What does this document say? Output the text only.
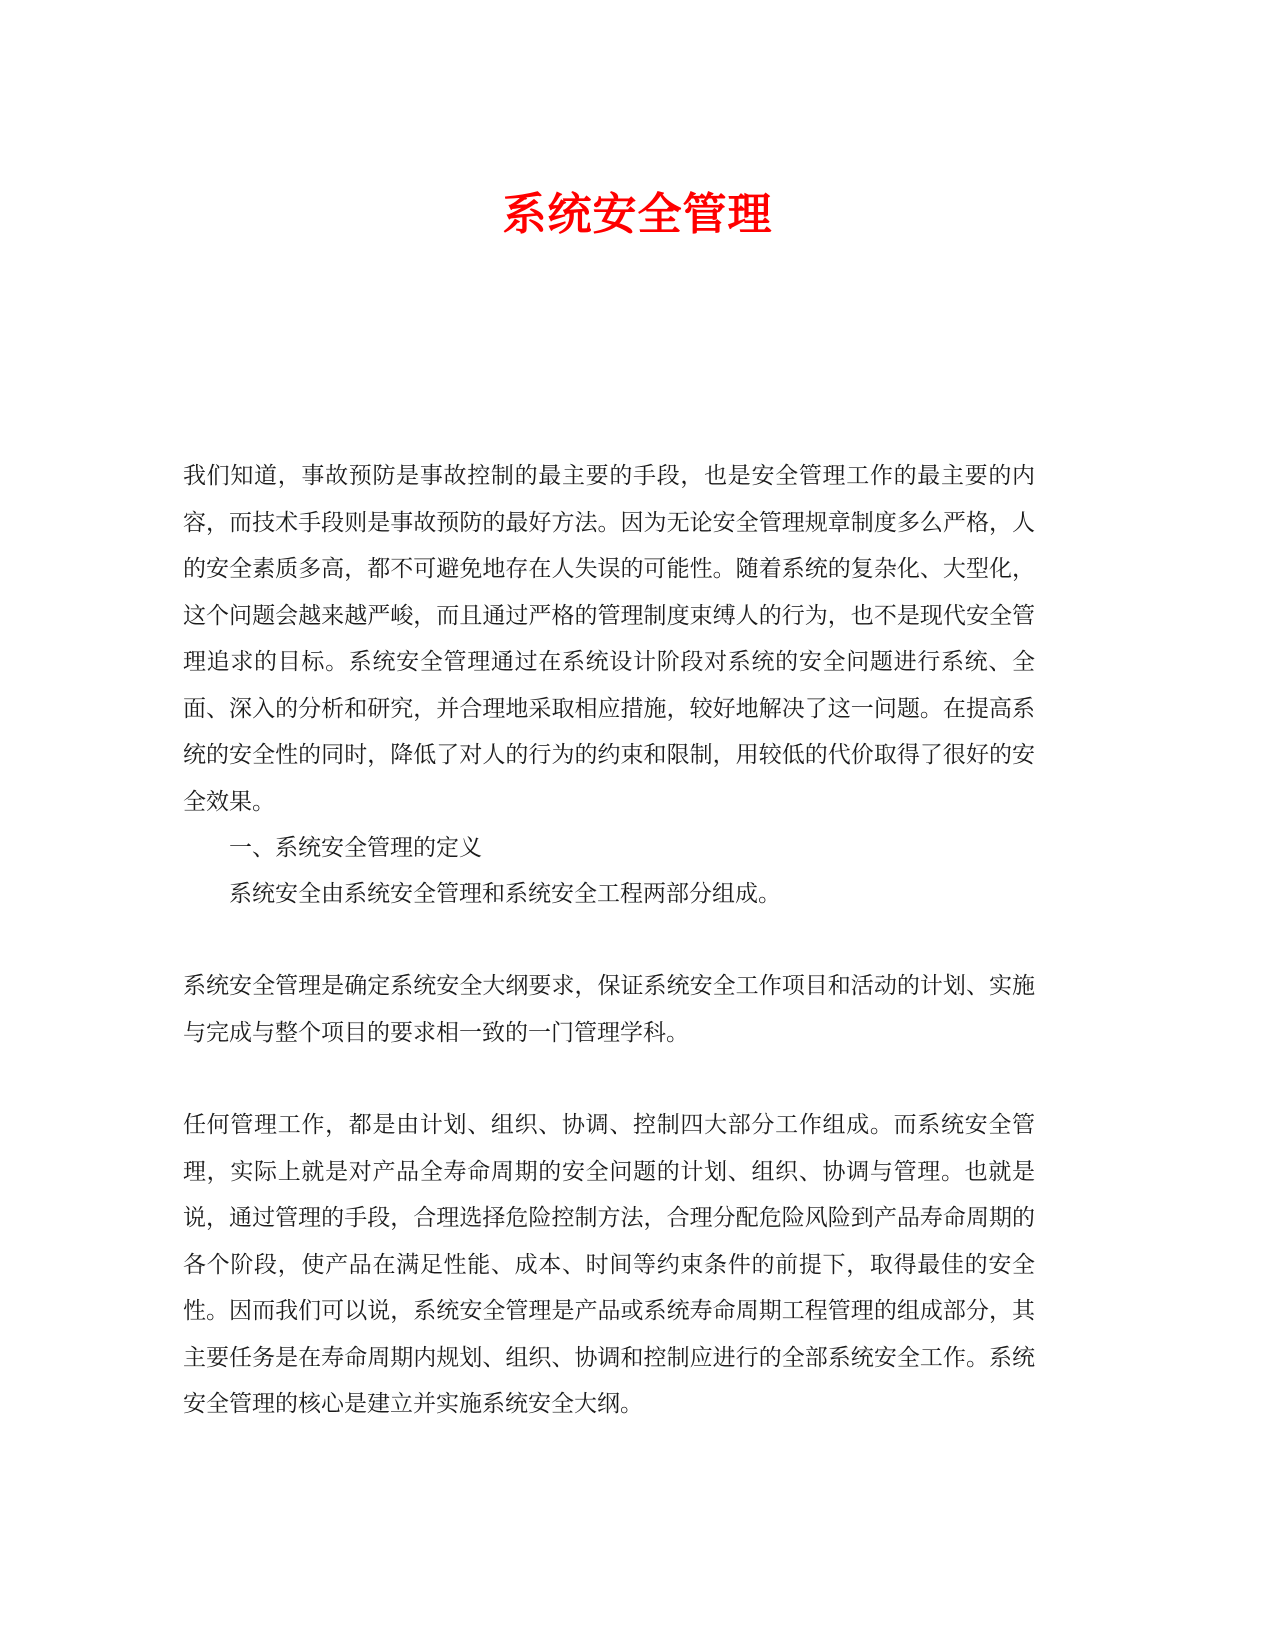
系统安全管理

我们知道，事故预防是事故控制的最主要的手段，也是安全管理工作的最主要的内容，而技术手段则是事故预防的最好方法。因为无论安全管理规章制度多么严格，人的安全素质多高，都不可避免地存在人失误的可能性。随着系统的复杂化、大型化，这个问题会越来越严峻，而且通过严格的管理制度束缚人的行为，也不是现代安全管理追求的目标。系统安全管理通过在系统设计阶段对系统的安全问题进行系统、全面、深入的分析和研究，并合理地采取相应措施，较好地解决了这一问题。在提高系统的安全性的同时，降低了对人的行为的约束和限制，用较低的代价取得了很好的安全效果。

一、系统安全管理的定义

系统安全由系统安全管理和系统安全工程两部分组成。

系统安全管理是确定系统安全大纲要求，保证系统安全工作项目和活动的计划、实施与完成与整个项目的要求相一致的一门管理学科。

任何管理工作，都是由计划、组织、协调、控制四大部分工作组成。而系统安全管理，实际上就是对产品全寿命周期的安全问题的计划、组织、协调与管理。也就是说，通过管理的手段，合理选择危险控制方法，合理分配危险风险到产品寿命周期的各个阶段，使产品在满足性能、成本、时间等约束条件的前提下，取得最佳的安全性。因而我们可以说，系统安全管理是产品或系统寿命周期工程管理的组成部分，其主要任务是在寿命周期内规划、组织、协调和控制应进行的全部系统安全工作。系统安全管理的核心是建立并实施系统安全大纲。
